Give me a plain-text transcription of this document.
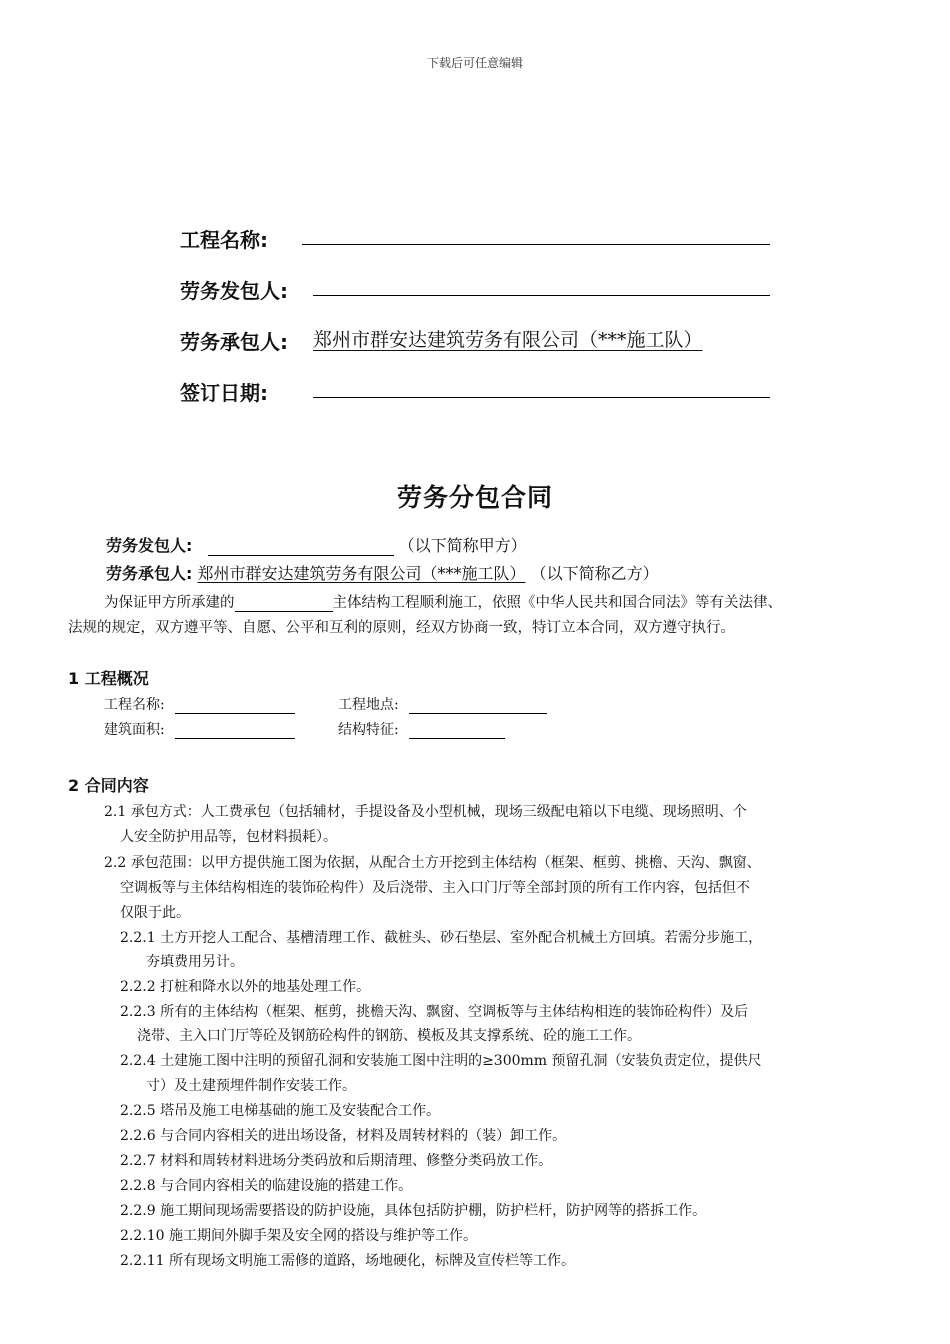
下载后可任意编辑
工程名称:
劳务发包人:
劳务承包人: 郑州市群安达建筑劳务有限公司（***施工队）
签订日期:
劳务分包合同
劳务发包人:	（以下简称甲方）
劳务承包人: 郑州市群安达建筑劳务有限公司（***施工队） （以下简称乙方）
为保证甲方所承建的	主体结构工程顺利施工，依照《中华人民共和国合同法》等有关法律、
法规的规定，双方遵平等、自愿、公平和互利的原则，经双方协商一致，特订立本合同，双方遵守执行。
1 工程概况
工程名称:	工程地点:
建筑面积:	结构特征:
2 合同内容
2.1 承包方式：人工费承包（包括辅材，手提设备及小型机械，现场三级配电箱以下电缆、现场照明、个
人安全防护用品等，包材料损耗）。
2.2 承包范围：以甲方提供施工图为依据，从配合土方开挖到主体结构（框架、框剪、挑檐、天沟、飘窗、
空调板等与主体结构相连的装饰砼构件）及后浇带、主入口门厅等全部封顶的所有工作内容，包括但不
仅限于此。
2.2.1 土方开挖人工配合、基槽清理工作、截桩头、砂石垫层、室外配合机械土方回填。若需分步施工，
夯填费用另计。
2.2.2 打桩和降水以外的地基处理工作。
2.2.3 所有的主体结构（框架、框剪，挑檐天沟、飘窗、空调板等与主体结构相连的装饰砼构件）及后
浇带、主入口门厅等砼及钢筋砼构件的钢筋、模板及其支撑系统、砼的施工工作。
2.2.4 土建施工图中注明的预留孔洞和安装施工图中注明的≥300mm 预留孔洞（安装负责定位，提供尺
寸）及土建预埋件制作安装工作。
2.2.5 塔吊及施工电梯基础的施工及安装配合工作。
2.2.6 与合同内容相关的进出场设备，材料及周转材料的（装）卸工作。
2.2.7 材料和周转材料进场分类码放和后期清理、修整分类码放工作。
2.2.8 与合同内容相关的临建设施的搭建工作。
2.2.9 施工期间现场需要搭设的防护设施，具体包括防护棚，防护栏杆，防护网等的搭拆工作。
2.2.10 施工期间外脚手架及安全网的搭设与维护等工作。
2.2.11 所有现场文明施工需修的道路，场地硬化，标牌及宣传栏等工作。
